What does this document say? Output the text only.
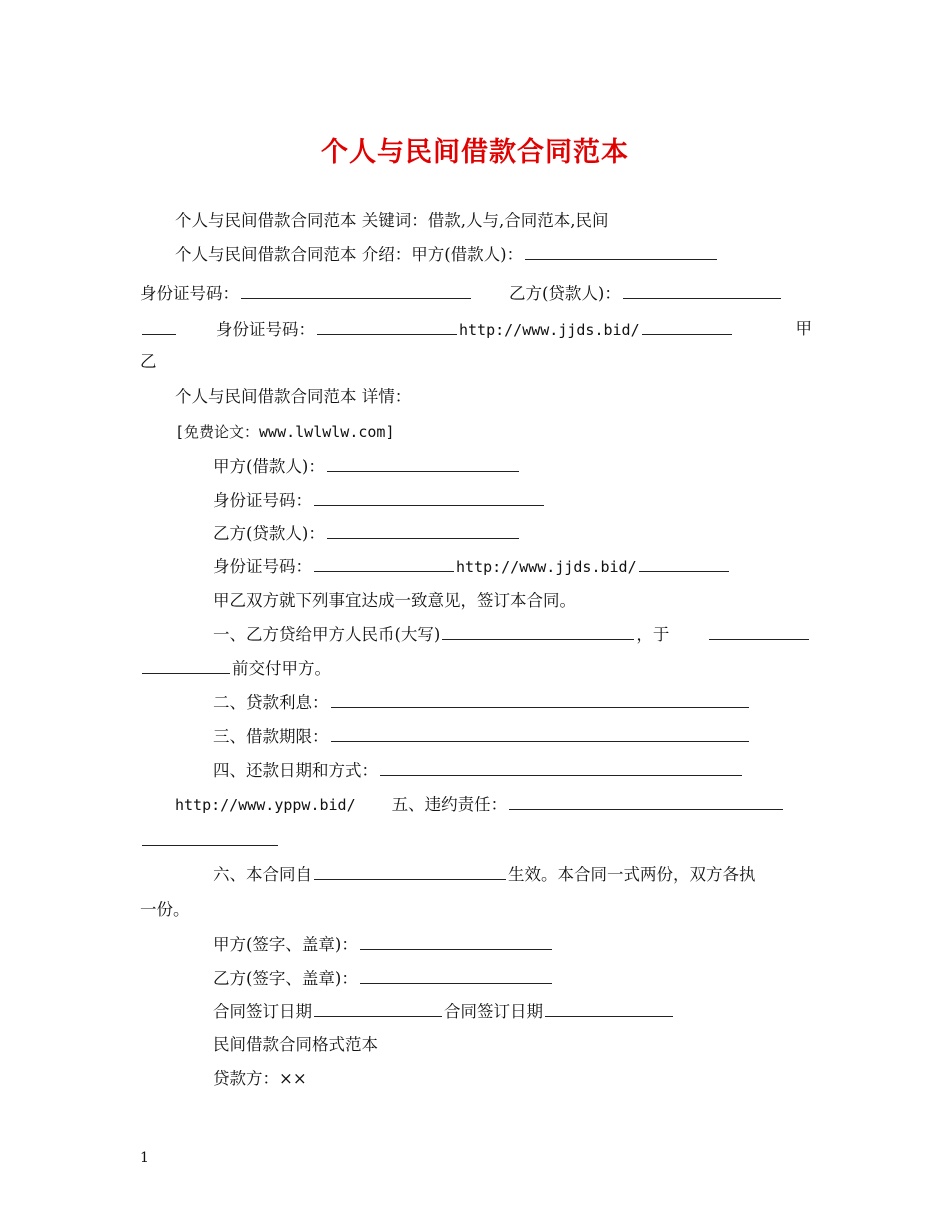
个人与民间借款合同范本
个人与民间借款合同范本 关键词：借款,人与,合同范本,民间
个人与民间借款合同范本 介绍：甲方(借款人)：
身份证号码：	乙方(贷款人)：
身份证号码：	http://www.jjds.bid/	甲
乙
个人与民间借款合同范本 详情：
[免费论文：www.lwlwlw.com]
甲方(借款人)：
身份证号码：
乙方(贷款人)：
身份证号码：	http://www.jjds.bid/
甲乙双方就下列事宜达成一致意见，签订本合同。
一、乙方贷给甲方人民币(大写)	，于
前交付甲方。
二、贷款利息：
三、借款期限：
四、还款日期和方式：
http://www.yppw.bid/ 五、违约责任：
六、本合同自	生效。本合同一式两份，双方各执
一份。
甲方(签字、盖章)：
乙方(签字、盖章)：
合同签订日期	合同签订日期
民间借款合同格式范本
贷款方：××
1
